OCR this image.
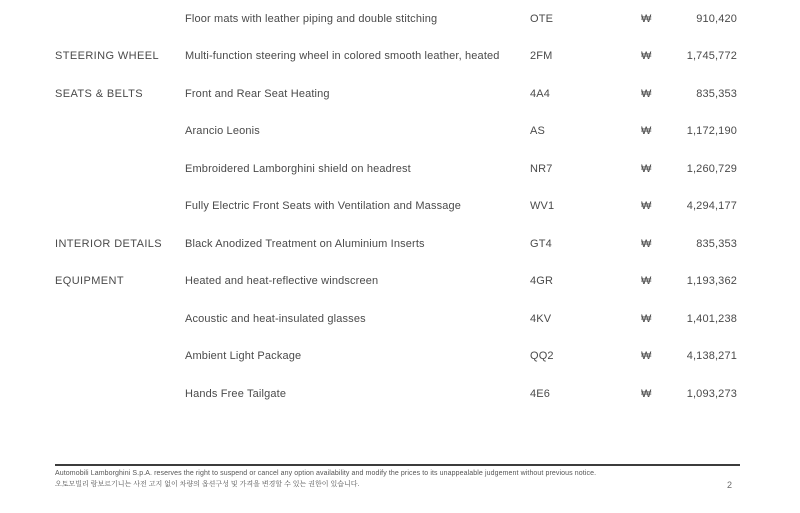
Floor mats with leather piping and double stitching	OTE	₩	910,420
STEERING WHEEL	Multi-function steering wheel in colored smooth leather, heated	2FM	₩	1,745,772
SEATS & BELTS	Front and Rear Seat Heating	4A4	₩	835,353
Arancio Leonis	AS	₩	1,172,190
Embroidered Lamborghini shield on headrest	NR7	₩	1,260,729
Fully Electric Front Seats with Ventilation and Massage	WV1	₩	4,294,177
INTERIOR DETAILS	Black Anodized Treatment on Aluminium Inserts	GT4	₩	835,353
EQUIPMENT	Heated and heat-reflective windscreen	4GR	₩	1,193,362
Acoustic and heat-insulated glasses	4KV	₩	1,401,238
Ambient Light Package	QQ2	₩	4,138,271
Hands Free Tailgate	4E6	₩	1,093,273
Automobili Lamborghini S.p.A. reserves the right to suspend or cancel any option availability and modify the prices to its unappealable judgement without previous notice.
오토모빌리 람보르기니는 사전 고지 없이 차량의 옵션구성 및 가격을 변경할 수 있는 권한이 있습니다.	2
